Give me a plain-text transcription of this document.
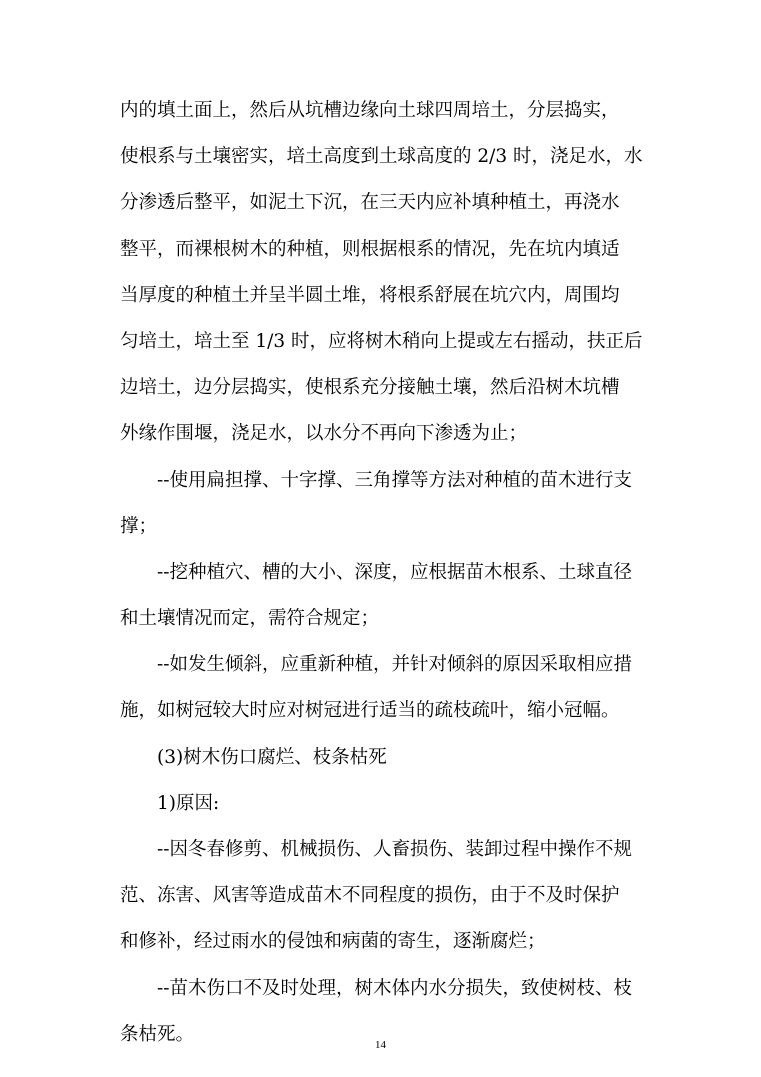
内的填土面上，然后从坑槽边缘向土球四周培土，分层捣实，
使根系与土壤密实，培土高度到土球高度的 2/3 时，浇足水，水
分渗透后整平，如泥土下沉，在三天内应补填种植土，再浇水
整平，而裸根树木的种植，则根据根系的情况，先在坑内填适
当厚度的种植土并呈半圆土堆，将根系舒展在坑穴内，周围均
匀培土，培土至 1/3 时，应将树木稍向上提或左右摇动，扶正后
边培土，边分层捣实，使根系充分接触土壤，然后沿树木坑槽
外缘作围堰，浇足水，以水分不再向下渗透为止；
--使用扁担撑、十字撑、三角撑等方法对种植的苗木进行支
撑；
--挖种植穴、槽的大小、深度，应根据苗木根系、土球直径
和土壤情况而定，需符合规定；
--如发生倾斜，应重新种植，并针对倾斜的原因采取相应措
施，如树冠较大时应对树冠进行适当的疏枝疏叶，缩小冠幅。
(3)树木伤口腐烂、枝条枯死
1)原因:
--因冬春修剪、机械损伤、人畜损伤、装卸过程中操作不规
范、冻害、风害等造成苗木不同程度的损伤，由于不及时保护
和修补，经过雨水的侵蚀和病菌的寄生，逐渐腐烂；
--苗木伤口不及时处理，树木体内水分损失，致使树枝、枝
条枯死。
14
